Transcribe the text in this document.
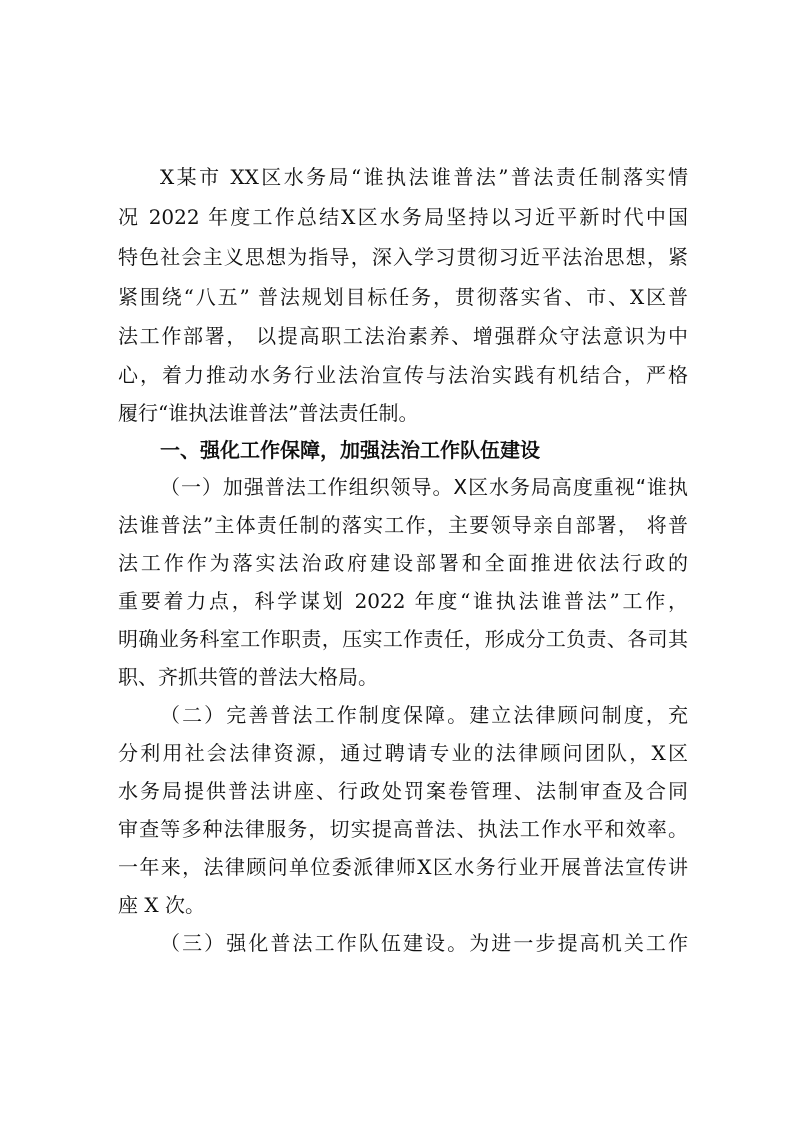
X某市 XX区水务局“谁执法谁普法”普法责任制落实情
况 2022 年度工作总结X区水务局坚持以习近平新时代中国
特色社会主义思想为指导，深入学习贯彻习近平法治思想，紧
紧围绕“八五” 普法规划目标任务，贯彻落实省、市、X区普
法工作部署， 以提高职工法治素养、增强群众守法意识为中
心，着力推动水务行业法治宣传与法治实践有机结合，严格
履行“谁执法谁普法”普法责任制。
一、强化工作保障，加强法治工作队伍建设
（一）加强普法工作组织领导。X区水务局高度重视“谁执
法谁普法”主体责任制的落实工作，主要领导亲自部署， 将普
法工作作为落实法治政府建设部署和全面推进依法行政的
重要着力点，科学谋划 2022 年度“谁执法谁普法”工作，
明确业务科室工作职责，压实工作责任，形成分工负责、各司其
职、齐抓共管的普法大格局。
（二）完善普法工作制度保障。建立法律顾问制度，充
分利用社会法律资源，通过聘请专业的法律顾问团队，X区
水务局提供普法讲座、行政处罚案卷管理、法制审查及合同
审查等多种法律服务，切实提高普法、执法工作水平和效率。
一年来，法律顾问单位委派律师X区水务行业开展普法宣传讲
座 X 次。
（三）强化普法工作队伍建设。为进一步提高机关工作
